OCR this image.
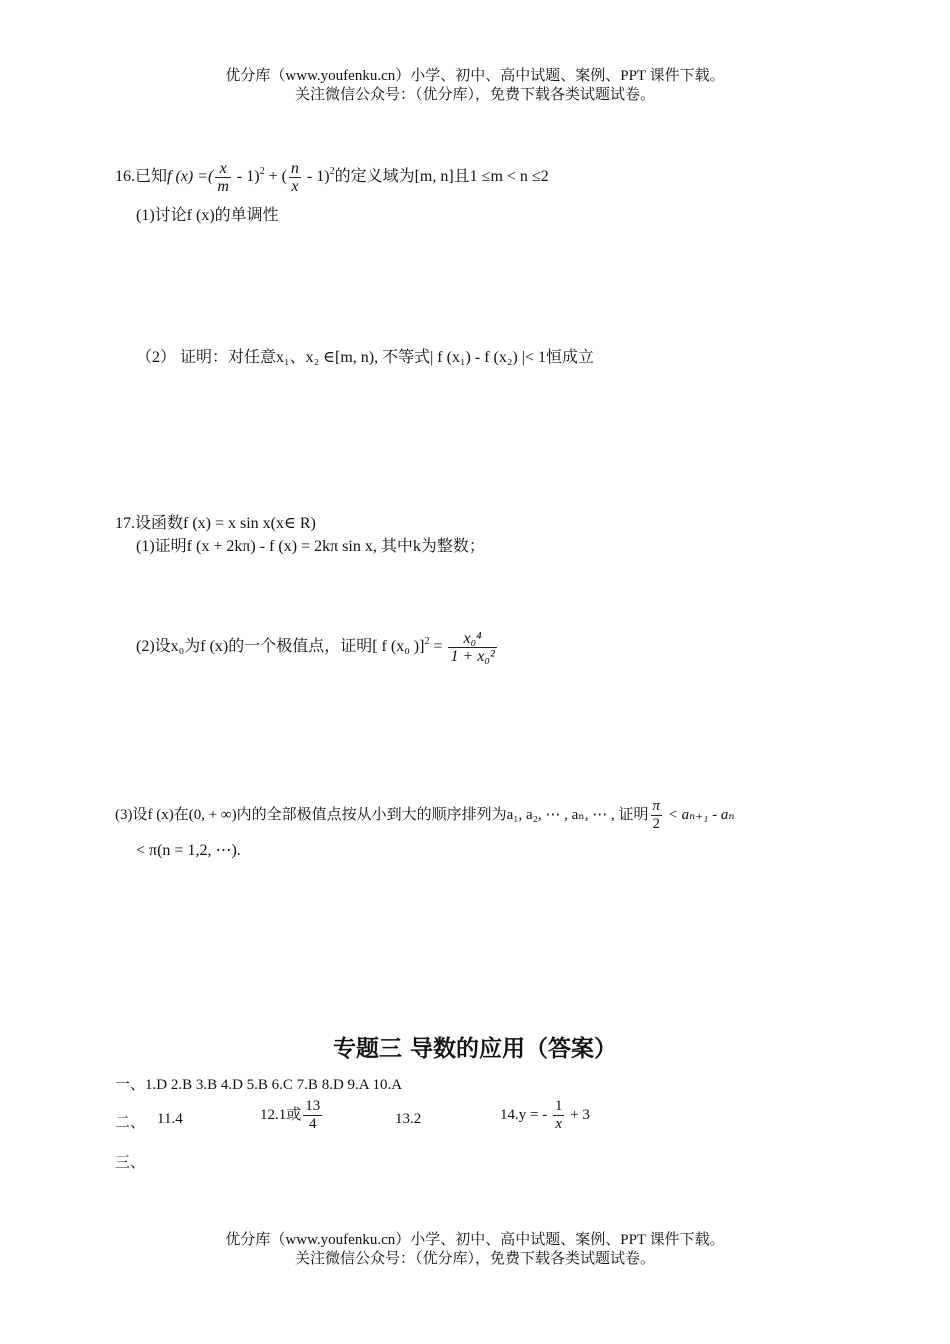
优分库（www.youfenku.cn）小学、初中、高中试题、案例、PPT 课件下载。
关注微信公众号：（优分库），免费下载各类试题试卷。
16.已知f (x) =( $\frac{x}{m} - 1)^2$ + ( $\frac{n}{x} - 1)^2$的定义域为[m, n]且1 ≤m < n ≤2
(1)讨论f (x)的单调性
（2） 证明：对任意x₁、x₂ ∈[m, n), 不等式| f (x₁) - f (x₂) |< 1恒成立
17.设函数f (x) = x sin x(x∈ R)
(1)证明f (x + 2kπ) - f (x) = 2kπ sin x, 其中k为整数；
(2)设x₀为f (x)的一个极值点，证明[ f (x₀ )]$^2 = \frac{\text{x₀⁴}}{\text{1 + x₀²}}$
(3)设f (x)在(0, + ∞)内的全部极值点按从小到大的顺序排列为a₁, a₂, ⋯ , aₙ, ⋯ , 证明 $\frac{\pi}{2} < a_{n+1} - a_n$
< π(n = 1,2, ⋯).
专题三 导数的应用（答案）
一、1.D 2.B 3.B 4.D 5.B 6.C 7.B 8.D 9.A 10.A
二、 11.4	12.1或 $\frac{13}{4}$	13.2	14.y = - $\frac{1}{x} + 3$
三、
优分库（www.youfenku.cn）小学、初中、高中试题、案例、PPT 课件下载。
关注微信公众号：（优分库），免费下载各类试题试卷。
